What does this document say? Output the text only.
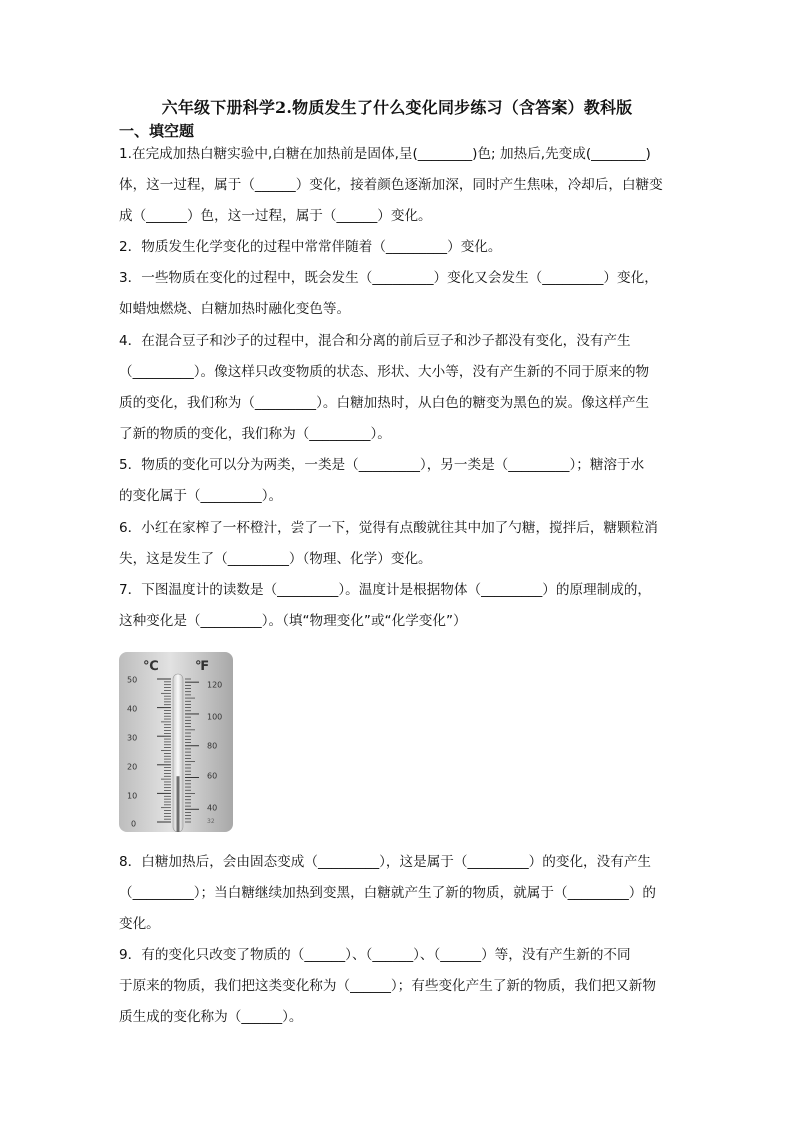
六年级下册科学2.物质发生了什么变化同步练习（含答案）教科版
一、填空题
1.在完成加热白糖实验中,白糖在加热前是固体,呈(________)色; 加热后,先变成(________)
体，这一过程，属于（______）变化，接着颜色逐渐加深，同时产生焦味，冷却后，白糖变
成（______）色，这一过程，属于（______）变化。
2．物质发生化学变化的过程中常常伴随着（_________）变化。
3．一些物质在变化的过程中，既会发生（_________）变化又会发生（_________）变化，
如蜡烛燃烧、白糖加热时融化变色等。
4．在混合豆子和沙子的过程中，混合和分离的前后豆子和沙子都没有变化，没有产生
（_________）。像这样只改变物质的状态、形状、大小等，没有产生新的不同于原来的物
质的变化，我们称为（_________）。白糖加热时，从白色的糖变为黑色的炭。像这样产生
了新的物质的变化，我们称为（_________）。
5．物质的变化可以分为两类，一类是（_________），另一类是（_________）；糖溶于水
的变化属于（_________）。
6．小红在家榨了一杯橙汁，尝了一下，觉得有点酸就往其中加了勺糖，搅拌后，糖颗粒消
失，这是发生了（_________）（物理、化学）变化。
7．下图温度计的读数是（_________）。温度计是根据物体（_________）的原理制成的，
这种变化是（_________）。（填“物理变化”或“化学变化”）
℃	℉
50
40
30
20
10
0
120
100
80
60
40
32
8．白糖加热后，会由固态变成（_________），这是属于（_________）的变化，没有产生
（_________）；当白糖继续加热到变黑，白糖就产生了新的物质，就属于（_________）的
变化。
9．有的变化只改变了物质的（______）、（______）、（______）等，没有产生新的不同
于原来的物质，我们把这类变化称为（______）；有些变化产生了新的物质，我们把又新物
质生成的变化称为（______）。
